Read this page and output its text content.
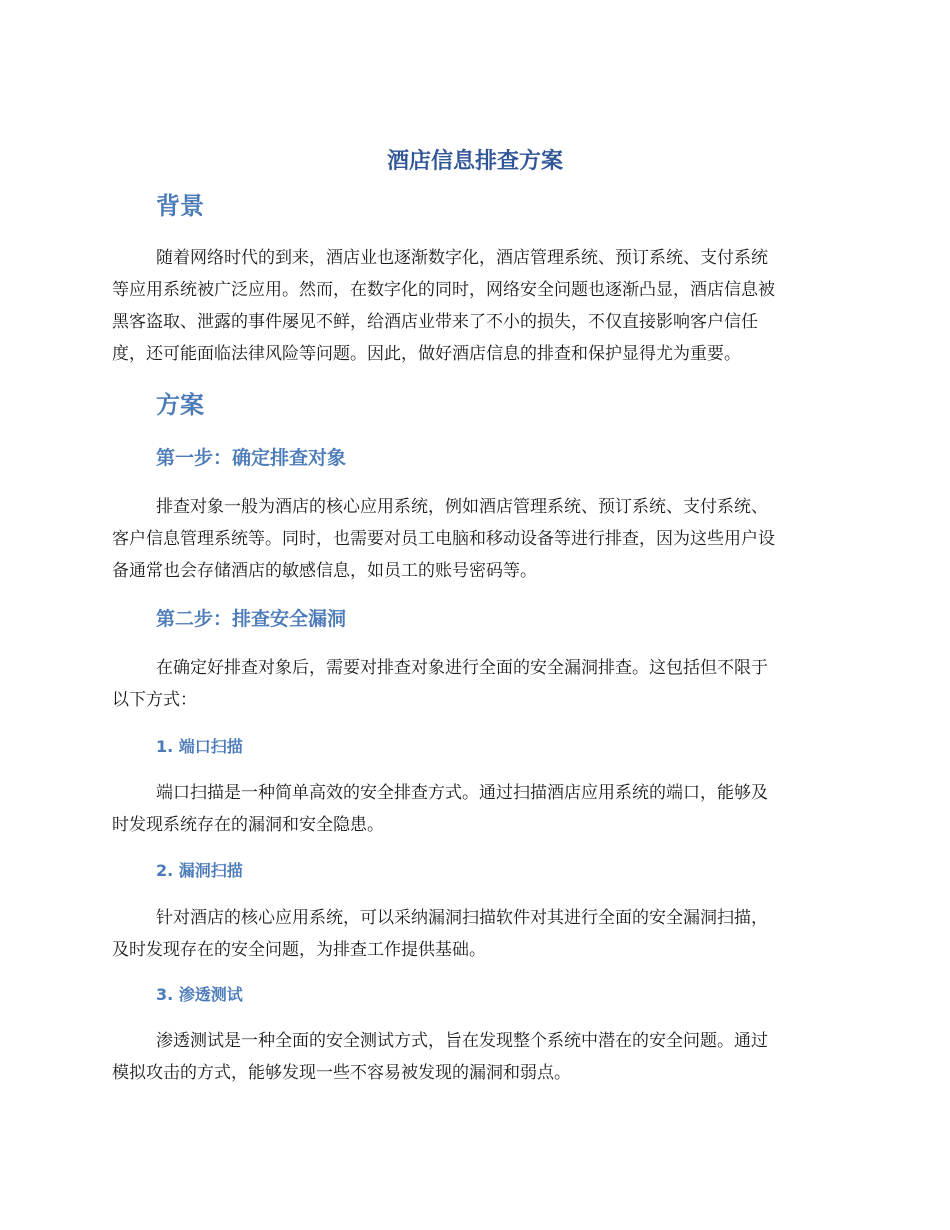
酒店信息排查方案
背景
随着网络时代的到来，酒店业也逐渐数字化，酒店管理系统、预订系统、支付系统
等应用系统被广泛应用。然而，在数字化的同时，网络安全问题也逐渐凸显，酒店信息被
黑客盗取、泄露的事件屡见不鲜，给酒店业带来了不小的损失，不仅直接影响客户信任
度，还可能面临法律风险等问题。因此，做好酒店信息的排查和保护显得尤为重要。
方案
第一步：确定排查对象
排查对象一般为酒店的核心应用系统，例如酒店管理系统、预订系统、支付系统、
客户信息管理系统等。同时，也需要对员工电脑和移动设备等进行排查，因为这些用户设
备通常也会存储酒店的敏感信息，如员工的账号密码等。
第二步：排查安全漏洞
在确定好排查对象后，需要对排查对象进行全面的安全漏洞排查。这包括但不限于
以下方式：
1. 端口扫描
端口扫描是一种简单高效的安全排查方式。通过扫描酒店应用系统的端口，能够及
时发现系统存在的漏洞和安全隐患。
2. 漏洞扫描
针对酒店的核心应用系统，可以采纳漏洞扫描软件对其进行全面的安全漏洞扫描，
及时发现存在的安全问题，为排查工作提供基础。
3. 渗透测试
渗透测试是一种全面的安全测试方式，旨在发现整个系统中潜在的安全问题。通过
模拟攻击的方式，能够发现一些不容易被发现的漏洞和弱点。
